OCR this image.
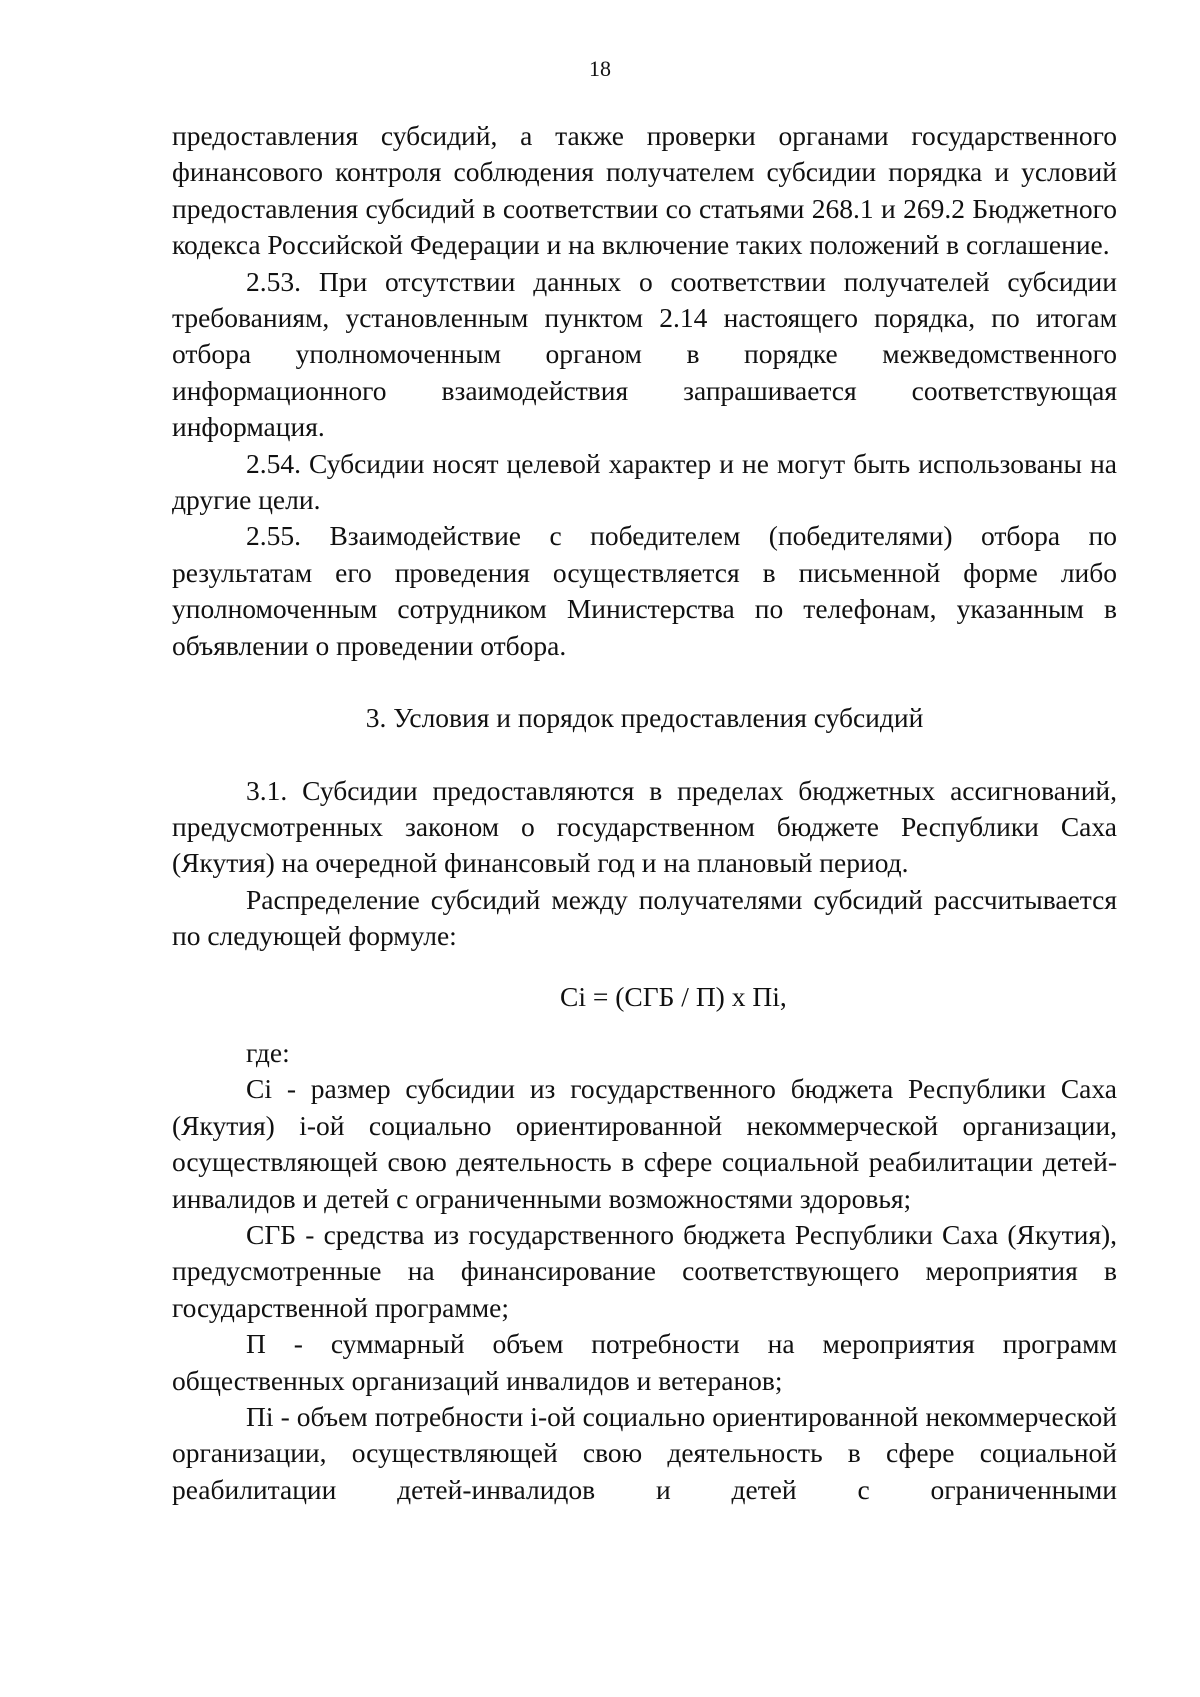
18

предоставления субсидий, а также проверки органами государственного финансового контроля соблюдения получателем субсидии порядка и условий предоставления субсидий в соответствии со статьями 268.1 и 269.2 Бюджетного кодекса Российской Федерации и на включение таких положений в соглашение.

2.53. При отсутствии данных о соответствии получателей субсидии требованиям, установленным пунктом 2.14 настоящего порядка, по итогам отбора уполномоченным органом в порядке межведомственного информационного взаимодействия запрашивается соответствующая информация.

2.54. Субсидии носят целевой характер и не могут быть использованы на другие цели.

2.55. Взаимодействие с победителем (победителями) отбора по результатам его проведения осуществляется в письменной форме либо уполномоченным сотрудником Министерства по телефонам, указанным в объявлении о проведении отбора.

3. Условия и порядок предоставления субсидий

3.1. Субсидии предоставляются в пределах бюджетных ассигнований, предусмотренных законом о государственном бюджете Республики Саха (Якутия) на очередной финансовый год и на плановый период.

Распределение субсидий между получателями субсидий рассчитывается по следующей формуле:

Ci = (СГБ / П) x Пi,

где:

Ci - размер субсидии из государственного бюджета Республики Саха (Якутия) i-ой социально ориентированной некоммерческой организации, осуществляющей свою деятельность в сфере социальной реабилитации детей-инвалидов и детей с ограниченными возможностями здоровья;

СГБ - средства из государственного бюджета Республики Саха (Якутия), предусмотренные на финансирование соответствующего мероприятия в государственной программе;

П - суммарный объем потребности на мероприятия программ общественных организаций инвалидов и ветеранов;

Пi - объем потребности i-ой социально ориентированной некоммерческой организации, осуществляющей свою деятельность в сфере социальной реабилитации детей-инвалидов и детей с ограниченными
